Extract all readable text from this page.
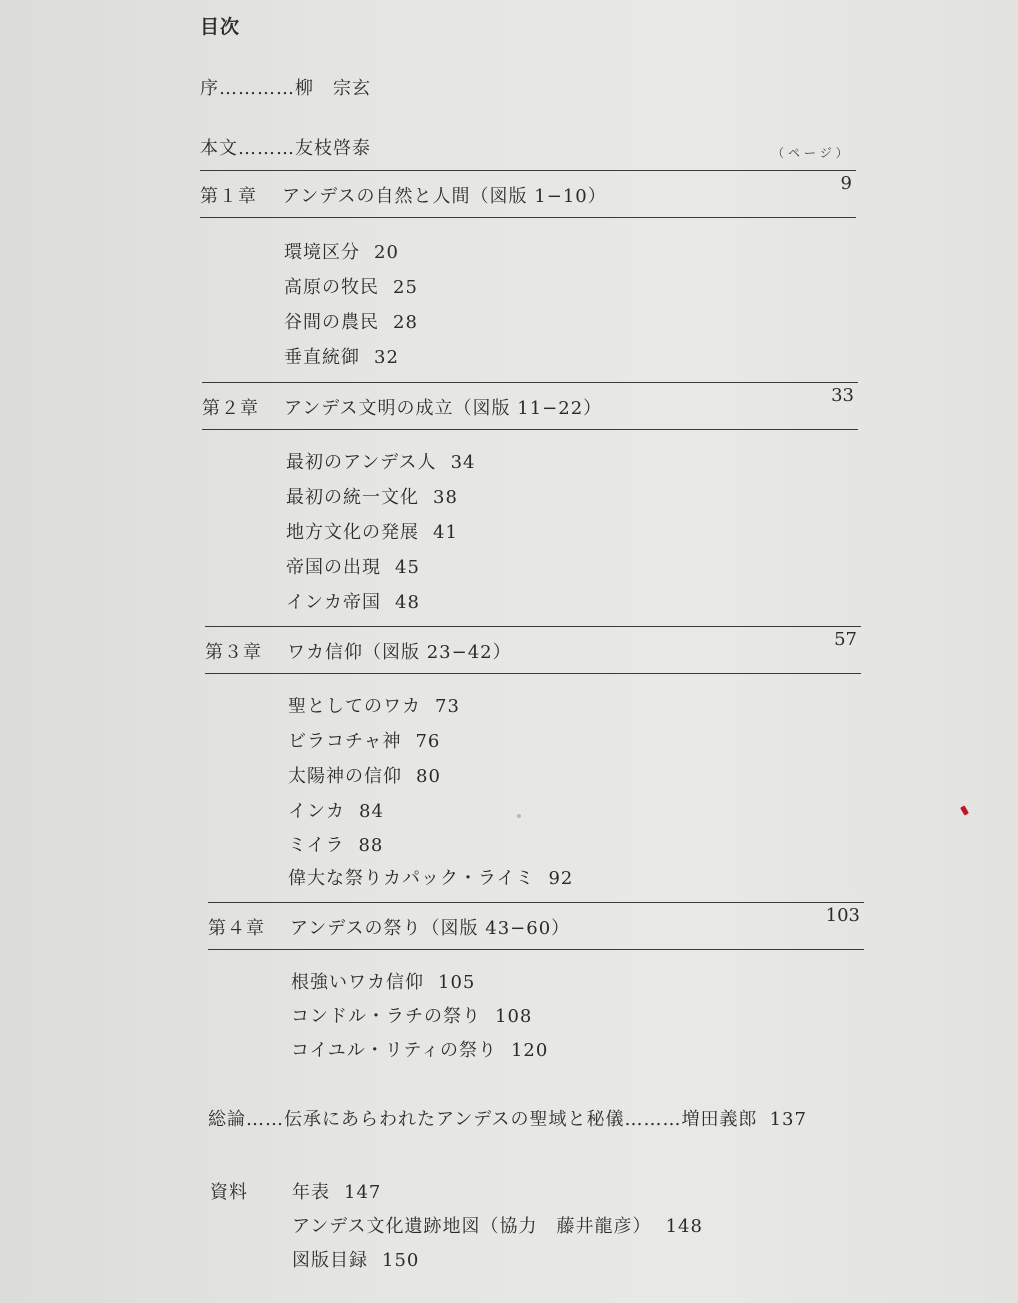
目次
序…………柳　宗玄
本文………友枝啓泰	（ページ）
第１章 アンデスの自然と人間（図版 1−10）
9
環境区分 20
高原の牧民 25
谷間の農民 28
垂直統御 32
第２章 アンデス文明の成立（図版 11−22）
33
最初のアンデス人 34
最初の統一文化 38
地方文化の発展 41
帝国の出現 45
インカ帝国 48
第３章 ワカ信仰（図版 23−42）
57
聖としてのワカ 73
ビラコチャ神 76
太陽神の信仰 80
インカ 84
ミイラ 88
偉大な祭りカパック・ライミ 92
第４章 アンデスの祭り（図版 43−60）
103
根強いワカ信仰 105
コンドル・ラチの祭り 108
コイユル・リティの祭り 120
総論……伝承にあらわれたアンデスの聖域と秘儀………増田義郎 137
資料 年表 147
アンデス文化遺跡地図（協力　藤井龍彦） 148
図版目録 150
